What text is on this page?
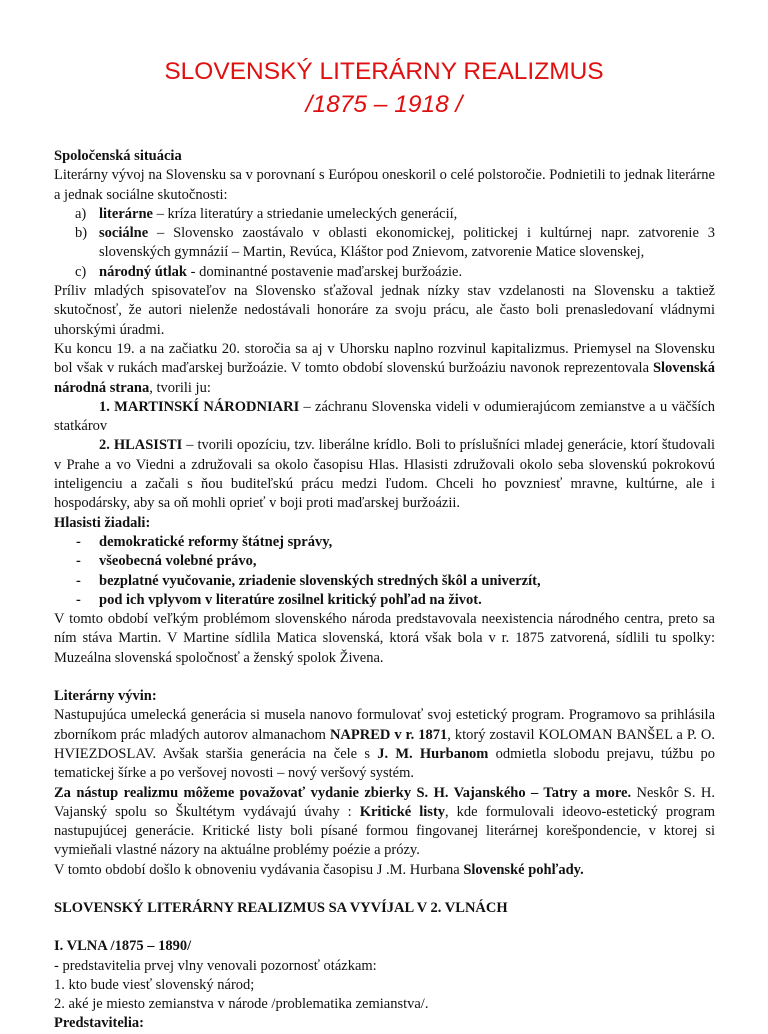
SLOVENSKÝ LITERÁRNY REALIZMUS
/1875 – 1918 /

Spoločenská situácia

Literárny vývoj na Slovensku sa v porovnaní s Európou oneskoril o celé polstoročie. Podnietili to jednak literárne a jednak sociálne skutočnosti:

a) literárne – kríza literatúry a striedanie umeleckých generácií,
b) sociálne – Slovensko zaostávalo v oblasti ekonomickej, politickej i kultúrnej napr. zatvorenie 3 slovenských gymnázií – Martin, Revúca, Kláštor pod Znievom, zatvorenie Matice slovenskej,
c) národný útlak - dominantné postavenie maďarskej buržoázie.

Príliv mladých spisovateľov na Slovensko sťažoval jednak nízky stav vzdelanosti na Slovensku a taktiež skutočnosť, že autori nielenže nedostávali honoráre za svoju prácu, ale často boli prenasledovaní vládnymi uhorskými úradmi.

Ku koncu 19. a na začiatku 20. storočia sa aj v Uhorsku naplno rozvinul kapitalizmus. Priemysel na Slovensku bol však v rukách maďarskej buržoázie. V tomto období slovenskú buržoáziu navonok reprezentovala Slovenská národná strana, tvorili ju:

1. MARTINSKÍ NÁRODNIARI – záchranu Slovenska videli v odumierajúcom zemianstve a u väčších statkárov

2. HLASISTI – tvorili opozíciu, tzv. liberálne krídlo. Boli to príslušníci mladej generácie, ktorí študovali v Prahe a vo Viedni a združovali sa okolo časopisu Hlas. Hlasisti združovali okolo seba slovenskú pokrokovú inteligenciu a začali s ňou buditeľskú prácu medzi ľudom. Chceli ho povzniesť mravne, kultúrne, ale i hospodársky, aby sa oň mohli oprieť v boji proti maďarskej buržoázii.

Hlasisti žiadali:

- demokratické reformy štátnej správy,
- všeobecná volebné právo,
- bezplatné vyučovanie, zriadenie slovenských stredných škôl a univerzít,
- pod ich vplyvom v literatúre zosilnel kritický pohľad na život.

V tomto období veľkým problémom slovenského národa predstavovala neexistencia národného centra, preto sa ním stáva Martin. V Martine sídlila Matica slovenská, ktorá však bola v r. 1875 zatvorená, sídlili tu spolky: Muzeálna slovenská spoločnosť a ženský spolok Živena.

Literárny vývin:

Nastupujúca umelecká generácia si musela nanovo formulovať svoj estetický program. Programovo sa prihlásila zborníkom prác mladých autorov almanachom NAPRED v r. 1871, ktorý zostavil KOLOMAN BANŠEL a P. O. HVIEZDOSLAV. Avšak staršia generácia na čele s J. M. Hurbanom odmietla slobodu prejavu, túžbu po tematickej šírke a po veršovej novosti – nový veršový systém.

Za nástup realizmu môžeme považovať vydanie zbierky S. H. Vajanského – Tatry a more. Neskôr S. H. Vajanský spolu so Škultétym vydávajú úvahy : Kritické listy, kde formulovali ideovo-estetický program nastupujúcej generácie. Kritické listy boli písané formou fingovanej literárnej korešpondencie, v ktorej si vymieňali vlastné názory na aktuálne problémy poézie a prózy.

V tomto období došlo k obnoveniu vydávania časopisu J .M. Hurbana Slovenské pohľady.

SLOVENSKÝ LITERÁRNY REALIZMUS SA VYVÍJAL V 2. VLNÁCH

I. VLNA /1875 – 1890/

- predstavitelia prvej vlny venovali pozornosť otázkam:

1. kto bude viesť slovenský národ;

2. aké je miesto zemianstva v národe /problematika zemianstva/.

Predstavitelia:
